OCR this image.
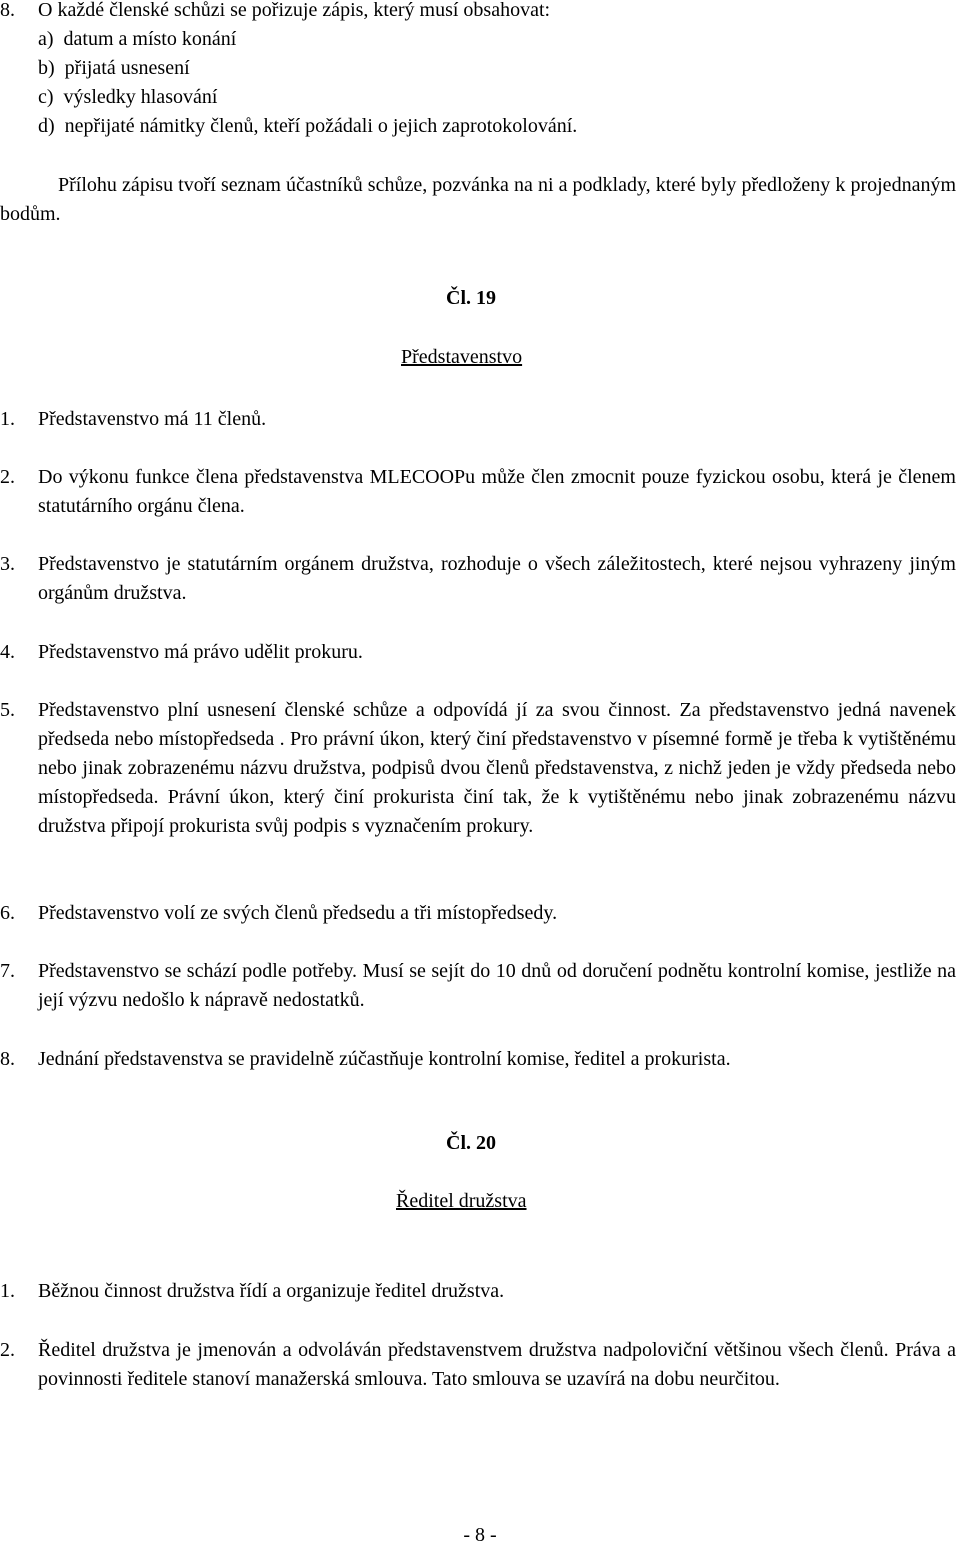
8.	O každé členské schůzi se pořizuje zápis, který musí obsahovat:
a)  datum a místo konání
b)  přijatá usnesení
c)  výsledky hlasování
d)  nepřijaté námitky členů, kteří požádali o jejich zaprotokolování.
Přílohu zápisu tvoří seznam účastníků schůze, pozvánka na ni a podklady, které byly předloženy k projednaným bodům.
Čl. 19
Představenstvo
1.	Představenstvo má 11 členů.
2.	Do výkonu funkce člena představenstva MLECOOPu může člen zmocnit pouze fyzickou osobu, která je členem statutárního orgánu člena.
3.	Představenstvo je statutárním orgánem družstva, rozhoduje o všech záležitostech, které nejsou vyhrazeny jiným orgánům družstva.
4.	Představenstvo má právo udělit prokuru.
5.	Představenstvo plní usnesení členské schůze a odpovídá jí za svou činnost. Za představenstvo jedná navenek předseda nebo místopředseda . Pro právní úkon, který činí představenstvo v písemné formě je třeba k vytištěnému nebo jinak zobrazenému názvu družstva, podpisů dvou členů představenstva, z nichž jeden je vždy předseda nebo místopředseda. Právní úkon, který činí prokurista činí tak, že k vytištěnému nebo jinak zobrazenému názvu družstva připojí prokurista svůj podpis s vyznačením prokury.
6.	Představenstvo volí ze svých členů předsedu a tři místopředsedy.
7.	Představenstvo se schází podle potřeby. Musí se sejít do 10 dnů od doručení podnětu kontrolní komise, jestliže na její výzvu nedošlo k nápravě nedostatků.
8.	Jednání představenstva se pravidelně zúčastňuje kontrolní komise, ředitel a prokurista.
Čl. 20
Ředitel družstva
1.	Běžnou činnost družstva řídí a organizuje ředitel družstva.
2.	Ředitel družstva je jmenován a odvoláván představenstvem družstva nadpoloviční většinou všech členů. Práva a povinnosti ředitele stanoví manažerská smlouva. Tato smlouva se uzavírá na dobu neurčitou.
- 8 -
